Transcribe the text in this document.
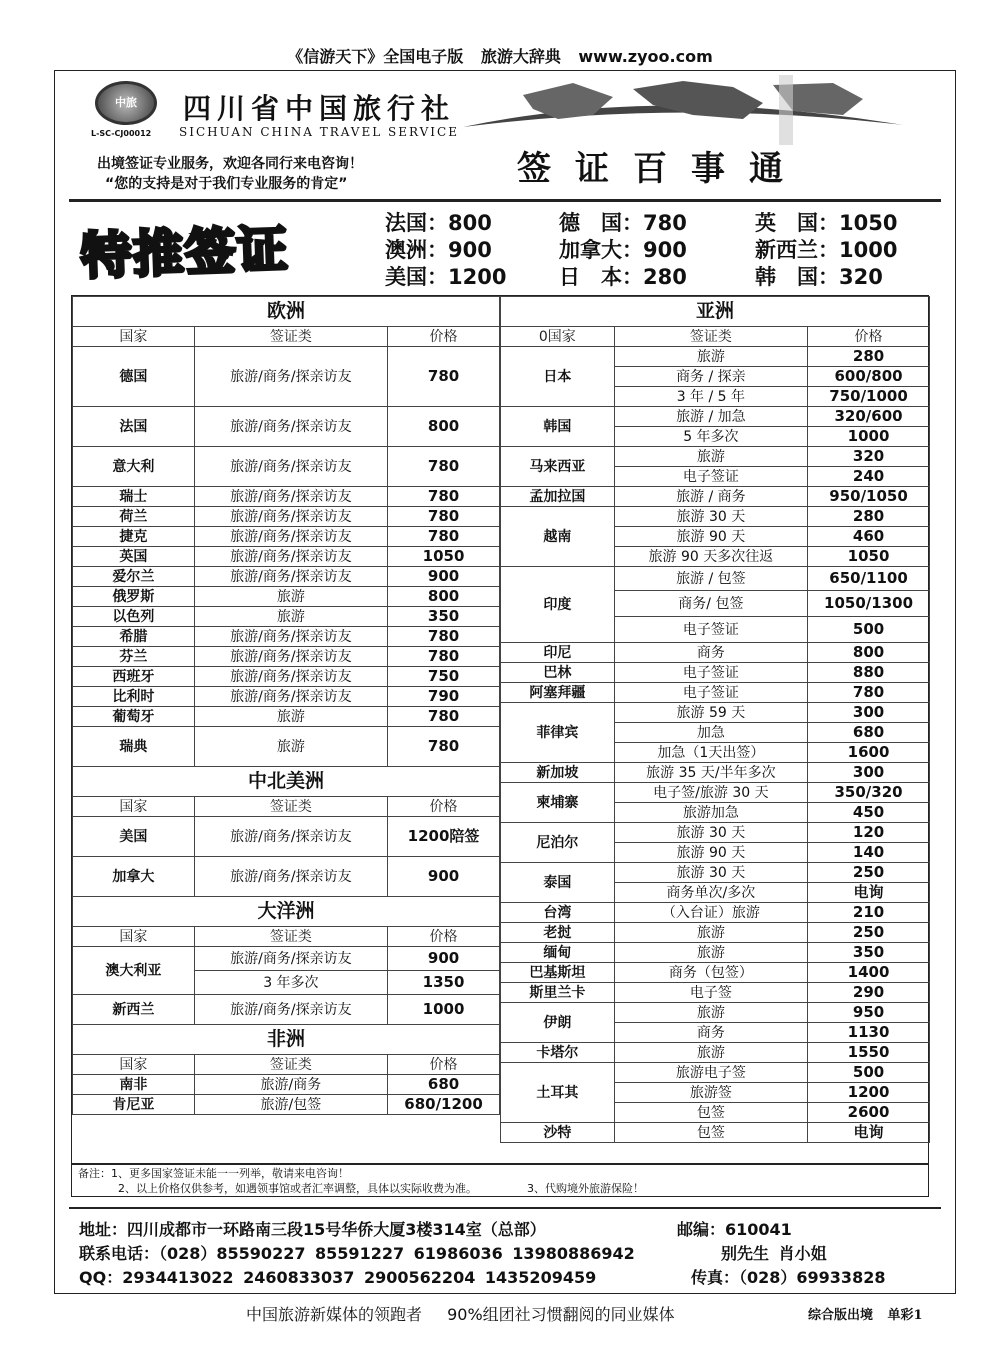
《信游天下》全国电子版 旅游大辞典 www.zyoo.com
中旅
L-SC-CJ00012
四川省中国旅行社
SICHUAN CHINA TRAVEL SERVICE
出境签证专业服务，欢迎各同行来电咨询！
“您的支持是对于我们专业服务的肯定”	签证百事通
特推签证	法国：800	德　国：780	英　国：1050
澳洲：900	加拿大：900	新西兰：1000
美国：1200	日　本：280	韩　国：320
欧洲		
国家	签证类	价格
德国	旅游/商务/探亲访友	780
法国	旅游/商务/探亲访友	800
意大利	旅游/商务/探亲访友	780
瑞士	旅游/商务/探亲访友	780
荷兰	旅游/商务/探亲访友	780
捷克	旅游/商务/探亲访友	780
英国	旅游/商务/探亲访友	1050
爱尔兰	旅游/商务/探亲访友	900
俄罗斯	旅游	800
以色列	旅游	350
希腊	旅游/商务/探亲访友	780
芬兰	旅游/商务/探亲访友	780
西班牙	旅游/商务/探亲访友	750
比利时	旅游/商务/探亲访友	790
葡萄牙	旅游	780
瑞典	旅游	780
中北美洲		
国家	签证类	价格
美国	旅游/商务/探亲访友	1200陪签
加拿大	旅游/商务/探亲访友	900
大洋洲		
国家	签证类	价格
澳大利亚	旅游/商务/探亲访友	900
	3 年多次	1350
新西兰	旅游/商务/探亲访友	1000
非洲		
国家	签证类	价格
南非	旅游/商务	680
肯尼亚	旅游/包签	680/1200
亚洲		
0国家	签证类	价格
日本	旅游	280
	商务 / 探亲	600/800
	3 年 / 5 年	750/1000
韩国	旅游 / 加急	320/600
	5 年多次	1000
马来西亚	旅游	320
	电子签证	240
孟加拉国	旅游 / 商务	950/1050
越南	旅游 30 天	280
	旅游 90 天	460
	旅游 90 天多次往返	1050
印度	旅游 / 包签	650/1100
	商务/ 包签	1050/1300
	电子签证	500
印尼	商务	800
巴林	电子签证	880
阿塞拜疆	电子签证	780
菲律宾	旅游 59 天	300
	加急	680
	加急（1天出签）	1600
新加坡	旅游 35 天/半年多次	300
柬埔寨	电子签/旅游 30 天	350/320
	旅游加急	450
尼泊尔	旅游 30 天	120
	旅游 90 天	140
泰国	旅游 30 天	250
	商务单次/多次	电询
台湾	（入台证）旅游	210
老挝	旅游	250
缅甸	旅游	350
巴基斯坦	商务（包签）	1400
斯里兰卡	电子签	290
伊朗	旅游	950
	商务	1130
卡塔尔	旅游	1550
土耳其	旅游电子签	500
	旅游签	1200
	包签	2600
沙特	包签	电询
备注：1、更多国家签证未能一一列举，敬请来电咨询！
2、以上价格仅供参考，如遇领事馆或者汇率调整，具体以实际收费为准。	3、代购境外旅游保险！
地址：四川成都市一环路南三段15号华侨大厦3楼314室（总部）	邮编：610041
联系电话：（028）85590227 85591227 61986036 13980886942	别先生 肖小姐
QQ：2934413022 2460833037 2900562204 1435209459	传真：（028）69933828
中国旅游新媒体的领跑者 90%组团社习惯翻阅的同业媒体	综合版出境 单彩1
